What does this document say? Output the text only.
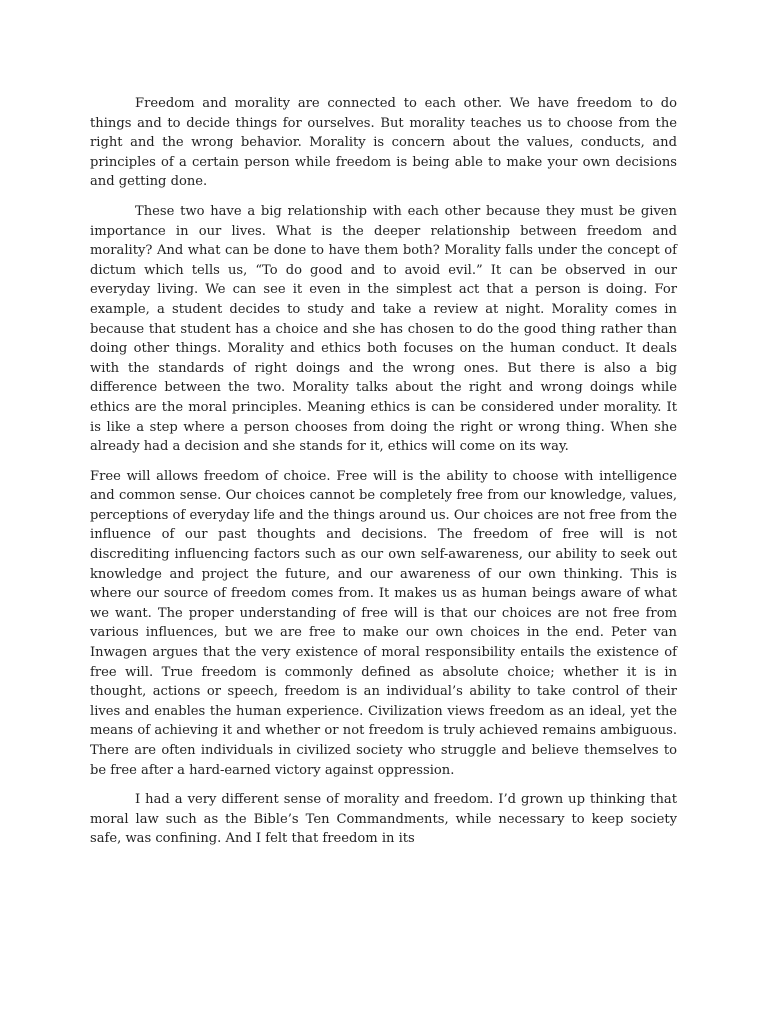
Freedom and morality are connected to each other. We have freedom to do things and to decide things for ourselves. But morality teaches us to choose from the right and the wrong behavior. Morality is concern about the values, conducts, and principles of a certain person while freedom is being able to make your own decisions and getting done.

These two have a big relationship with each other because they must be given importance in our lives. What is the deeper relationship between freedom and morality? And what can be done to have them both? Morality falls under the concept of dictum which tells us, “To do good and to avoid evil.” It can be observed in our everyday living. We can see it even in the simplest act that a person is doing. For example, a student decides to study and take a review at night. Morality comes in because that student has a choice and she has chosen to do the good thing rather than doing other things. Morality and ethics both focuses on the human conduct. It deals with the standards of right doings and the wrong ones. But there is also a big difference between the two. Morality talks about the right and wrong doings while ethics are the moral principles. Meaning ethics is can be considered under morality. It is like a step where a person chooses from doing the right or wrong thing. When she already had a decision and she stands for it, ethics will come on its way.

Free will allows freedom of choice. Free will is the ability to choose with intelligence and common sense. Our choices cannot be completely free from our knowledge, values, perceptions of everyday life and the things around us. Our choices are not free from the influence of our past thoughts and decisions. The freedom of free will is not discrediting influencing factors such as our own self-awareness, our ability to seek out knowledge and project the future, and our awareness of our own thinking. This is where our source of freedom comes from. It makes us as human beings aware of what we want. The proper understanding of free will is that our choices are not free from various influences, but we are free to make our own choices in the end. Peter van Inwagen argues that the very existence of moral responsibility entails the existence of free will. True freedom is commonly defined as absolute choice; whether it is in thought, actions or speech, freedom is an individual’s ability to take control of their lives and enables the human experience. Civilization views freedom as an ideal, yet the means of achieving it and whether or not freedom is truly achieved remains ambiguous. There are often individuals in civilized society who struggle and believe themselves to be free after a hard-earned victory against oppression.

I had a very different sense of morality and freedom. I’d grown up thinking that moral law such as the Bible’s Ten Commandments, while necessary to keep society safe, was confining. And I felt that freedom in its
